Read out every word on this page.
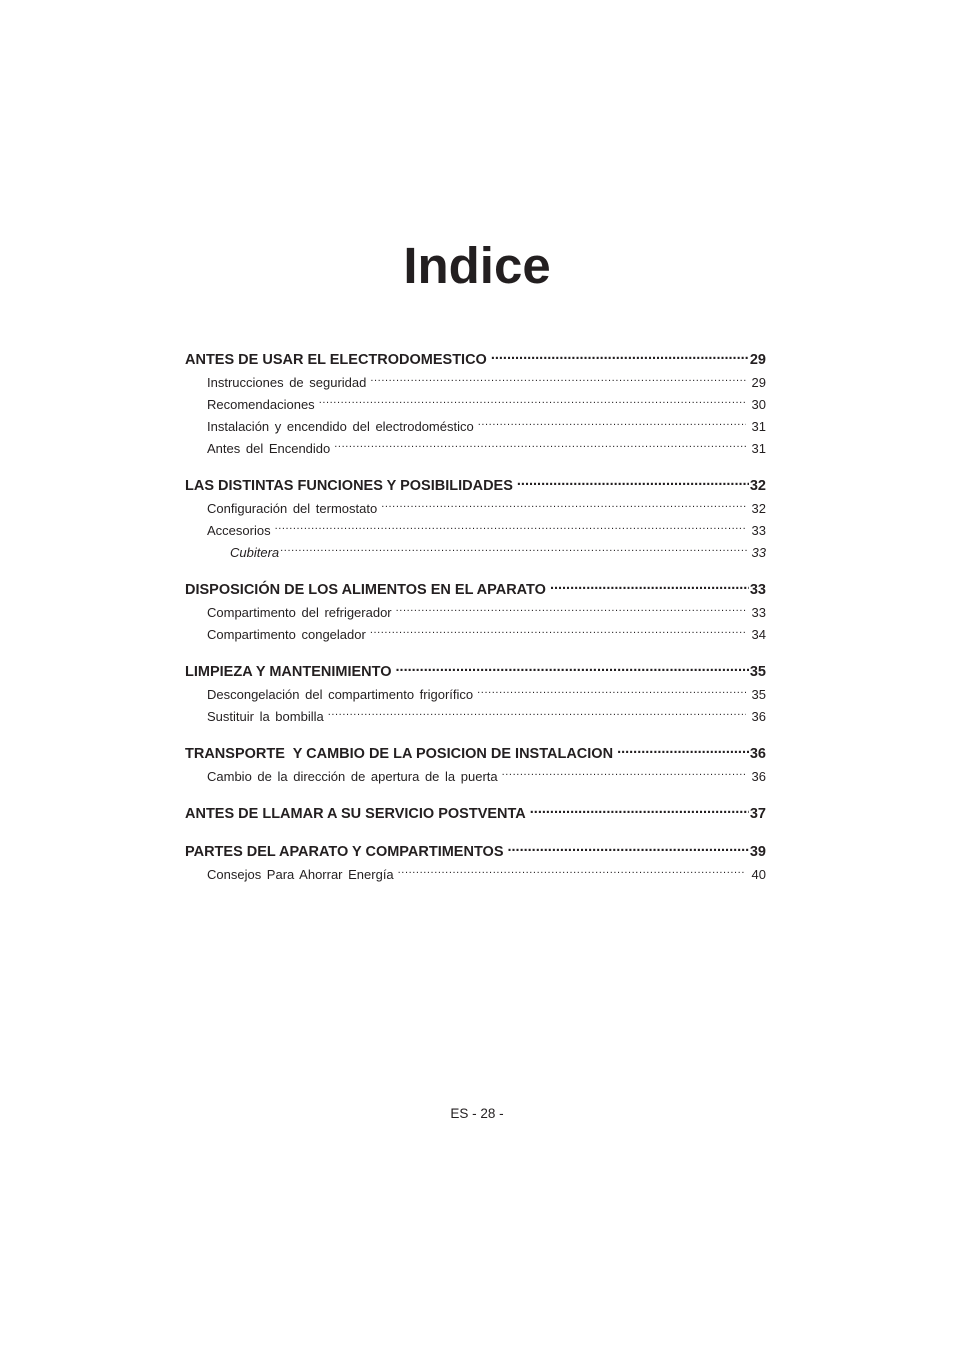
Indice
ANTES DE USAR EL ELECTRODOMESTICO .....	29
Instrucciones de seguridad .....	29
Recomendaciones .....	30
Instalación y encendido del electrodoméstico .....	31
Antes del Encendido .....	31
LAS DISTINTAS FUNCIONES Y POSIBILIDADES .....	32
Configuración del termostato .....	32
Accesorios .....	33
Cubitera .....	33
DISPOSICIÓN DE LOS ALIMENTOS EN EL APARATO .....	33
Compartimento del refrigerador .....	33
Compartimento congelador .....	34
LIMPIEZA Y MANTENIMIENTO .....	35
Descongelación del compartimento frigorífico .....	35
Sustituir la bombilla .....	36
TRANSPORTE  Y CAMBIO DE LA POSICION DE INSTALACION .....	36
Cambio de la dirección de apertura de la puerta .....	36
ANTES DE LLAMAR A SU SERVICIO POSTVENTA .....	37
PARTES DEL APARATO Y COMPARTIMENTOS .....	39
Consejos Para Ahorrar Energía .....	40
ES - 28 -
